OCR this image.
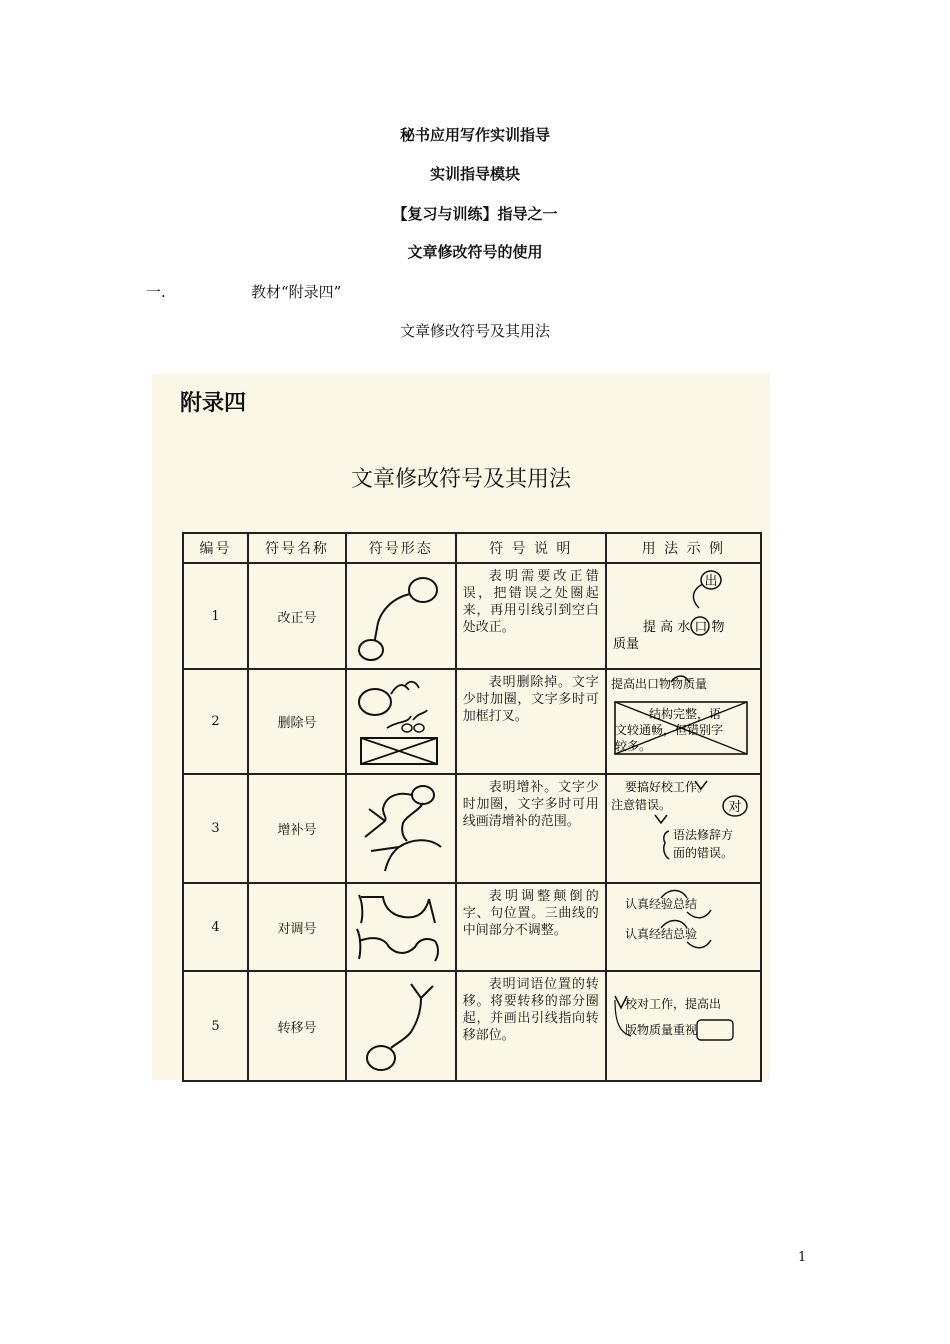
秘书应用写作实训指导
实训指导模块
【复习与训练】指导之一
文章修改符号的使用
一.	教材“附录四”
文章修改符号及其用法
附录四
文章修改符号及其用法
编号	符号名称	符号形态	符 号 说 明	用 法 示 例
1	改正号		表明需要改正错误，把错误之处圈起来，再用引线引到空白处改正。	出
提 高 水 口 物
质量

2	删除号		表明删除掉。文字少时加圈，文字多时可加框打叉。	提高出口物物质量
结构完整，语
文较通畅，但错别字
较多。

3	增补号		表明增补。文字少时加圈，文字多时可用线画清增补的范围。	要搞好校工作。
注意错误。 对
语法修辞方
面的错误。

4	对调号		表明调整颠倒的字、句位置。三曲线的中间部分不调整。	认真经验总结
认真经结总验

5	转移号		表明词语位置的转移。将要转移的部分圈起，并画出引线指向转移部位。	校对工作，提高出
版物质量重视
1
